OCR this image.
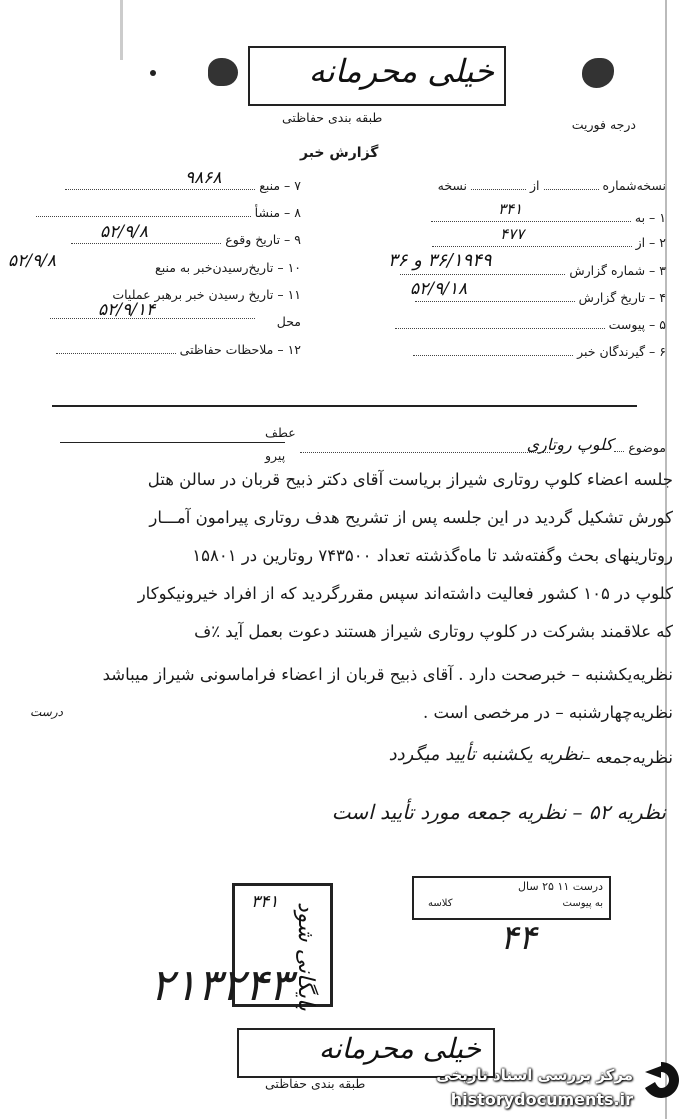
خیلی محرمانه
طبقه بندی حفاظتی	درجه فوریت
گزارش خبر
نسخه‌شماره  از  نسخه
۱ – به
۳۴۱
۲ – از
۴۷۷
۳ – شماره گزارش
۳۶/۱۹۴۹ و ۳۶
۴ – تاریخ گزارش
۵۲/۹/۱۸
۵ – پیوست
۶ – گیرندگان خبر
۷ – منبع
۹۸۶۸
۸ – منشأ
۹ – تاریخ وقوع
۵۲/۹/۸
۱۰ – تاریخ‌رسیدن‌خبر به منبع
۵۲/۹/۸
۱۱ – تاریخ رسیدن خبر برهبر عملیات
محل
۵۲/۹/۱۴
۱۲ – ملاحظات حفاظتی
عطف
پیرو
موضوع
کلوپ روتاری
جلسه اعضاء کلوپ روتاری شیراز بریاست آقای دکتر ذبیح قربان در سالن هتل
کورش تشکیل گردید در این جلسه پس از تشریح هدف روتاری پیرامون آمـــار
روتارینهای بحث وگفته‌شد تا ماه‌گذشته تعداد ۷۴۳۵۰۰ روتارین در ۱۵۸۰۱
کلوپ در ۱۰۵ کشور فعالیت داشته‌اند سپس مقررگردید که از افراد خیرونیکوکار
که علاقمند بشرکت در کلوپ روتاری شیراز هستند دعوت بعمل آید ٪ف
نظریه‌یکشنبه – خبرصحت دارد . آقای ذبیح قربان از اعضاء فراماسونی شیراز میباشد
نظریه‌چهارشنبه – در مرخصی است .
نظریه‌جمعه –
نظریه یکشنبه تأیید میگردد
نظریه ۵۲ – نظریه جمعه مورد تأیید است
درست
۳۴۱ بایگانی شود
درست ۱۱ ۲۵ سال
به پیوست
کلاسه
۴۴
۲۱۳۲۴۳
خیلی محرمانه
طبقه بندی حفاظتی	مرکز بررسی اسناد تاریخی
historydocuments.ir
